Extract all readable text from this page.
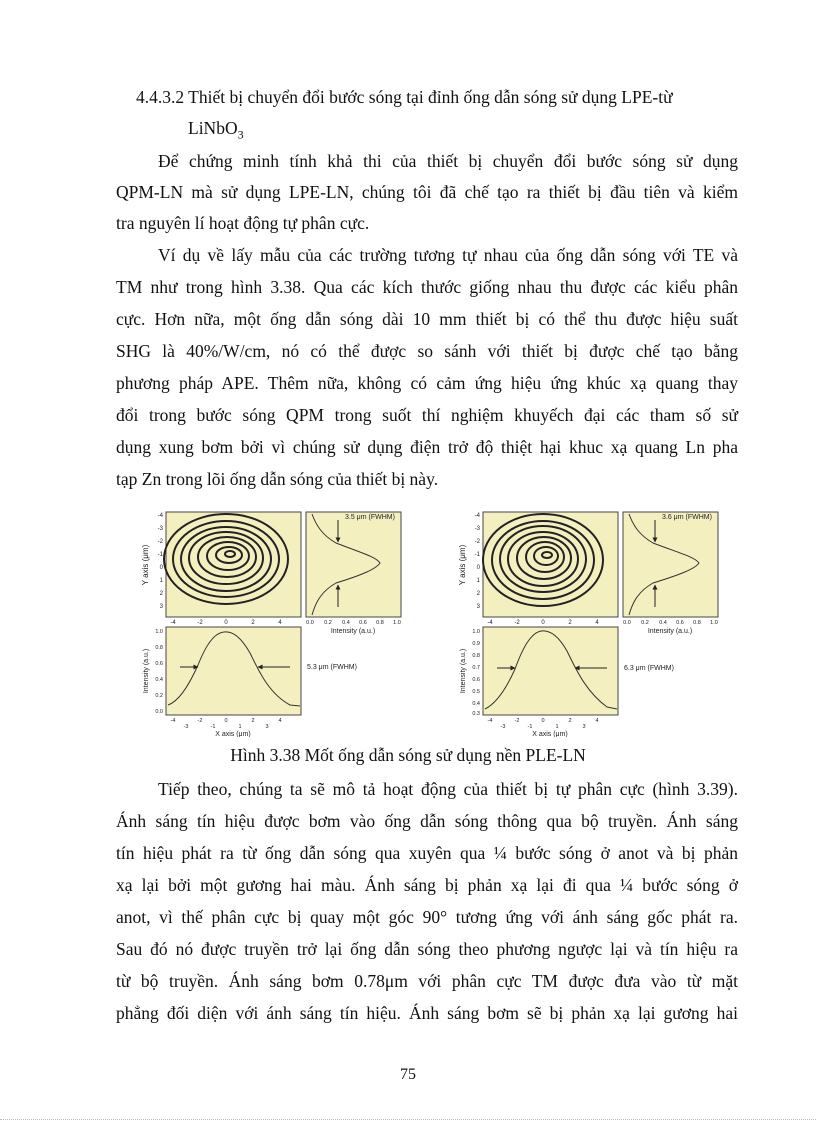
4.4.3.2 Thiết bị chuyển đổi bước sóng tại đỉnh ống dẫn sóng sử dụng LPE-từ
LiNbO$_3$
Để chứng minh tính khả thi của thiết bị chuyển đổi bước sóng sử dụng
QPM-LN mà sử dụng LPE-LN, chúng tôi đã chế tạo ra thiết bị đầu tiên và kiểm
tra nguyên lí hoạt động tự phân cực.
Ví dụ về lấy mẫu của các trường tương tự nhau của ống dẫn sóng với TE và
TM như trong hình 3.38. Qua các kích thước giống nhau thu được các kiểu phân
cực. Hơn nữa, một ống dẫn sóng dài 10 mm thiết bị có thể thu được hiệu suất
SHG là 40%/W/cm, nó có thể được so sánh với thiết bị được chế tạo bằng
phương pháp APE. Thêm nữa, không có cảm ứng hiệu ứng khúc xạ quang thay
đổi trong bước sóng QPM trong suốt thí nghiệm khuyếch đại các tham số sử
dụng xung bơm bởi vì chúng sử dụng điện trở độ thiệt hại khuc xạ quang Ln pha
tạp Zn trong lõi ống dẫn sóng của thiết bị này.
Y axis (μm)
-4
-3
-2
-1
0
1
2
3
-4	-2	0	2	4
3.5 μm (FWHM)
0.0 0.2 0.4 0.6 0.8 1.0
Intensity (a.u.)
5.3 μm (FWHM)
Intensity (a.u.)
1.0
0.8
0.6
0.4
0.2
0.0
-4	-2	0	2	4
-3	-1	1	3
X axis (μm)
Y axis (μm)
-4
-3
-2
-1
0
1
2
3
-4	-2	0	2	4
3.6 μm (FWHM)
0.0 0.2 0.4 0.6 0.8 1.0
Intensity (a.u.)
6.3 μm (FWHM)
Intensity (a.u.)
1.0
0.9
0.8
0.7
0.6
0.5
0.4
0.3
-4	-2	0	2	4
-3	-1	1	3
X axis (μm)
Hình 3.38 Mốt ống dẫn sóng sử dụng nền PLE-LN
Tiếp theo, chúng ta sẽ mô tả hoạt động của thiết bị tự phân cực (hình 3.39).
Ánh sáng tín hiệu được bơm vào ống dẫn sóng thông qua bộ truyền. Ánh sáng
tín hiệu phát ra từ ống dẫn sóng qua xuyên qua ¼ bước sóng ở anot và bị phản
xạ lại bởi một gương hai màu. Ánh sáng bị phản xạ lại đi qua ¼ bước sóng ở
anot, vì thế phân cực bị quay một góc 90° tương ứng với ánh sáng gốc phát ra.
Sau đó nó được truyền trở lại ống dẫn sóng theo phương ngược lại và tín hiệu ra
từ bộ truyền. Ánh sáng bơm 0.78μm với phân cực TM được đưa vào từ mặt
phẳng đối diện với ánh sáng tín hiệu. Ánh sáng bơm sẽ bị phản xạ lại gương hai
75
